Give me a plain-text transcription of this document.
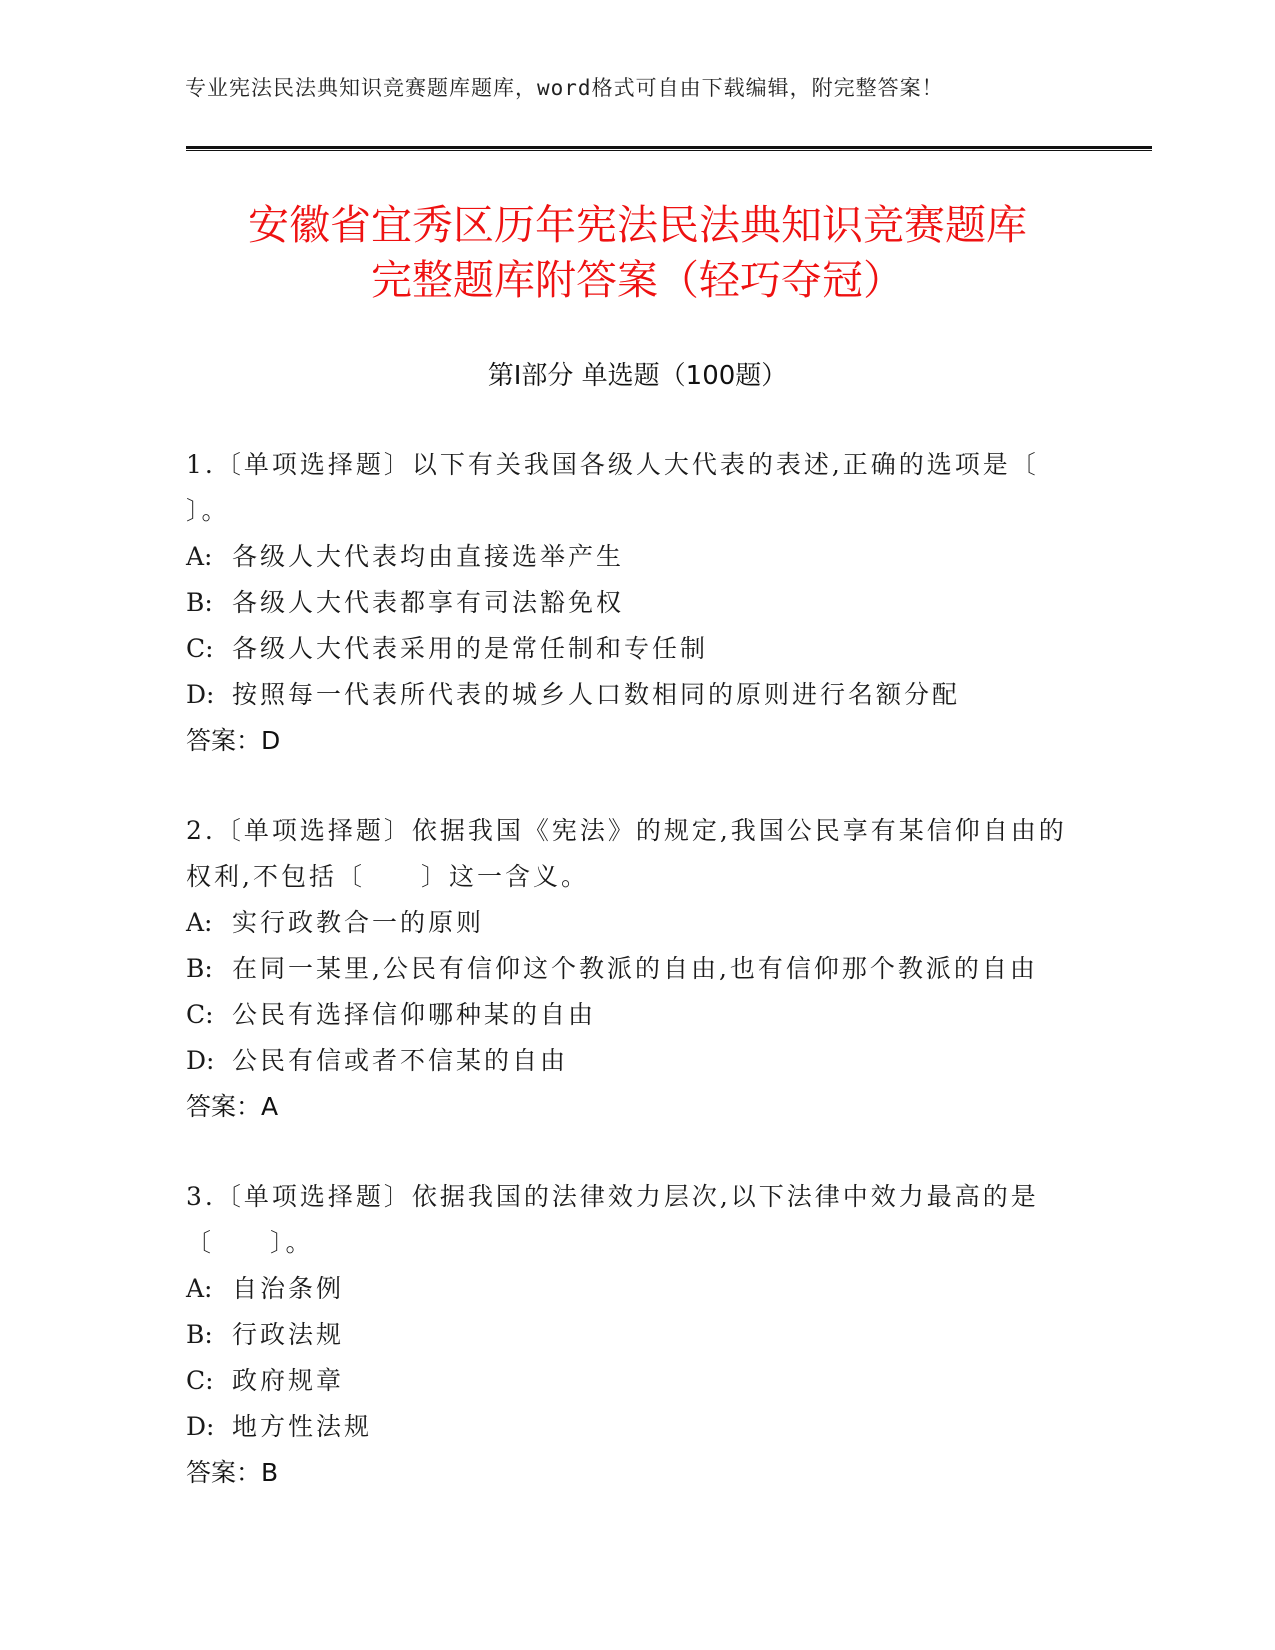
专业宪法民法典知识竞赛题库题库，word格式可自由下载编辑，附完整答案！
安徽省宜秀区历年宪法民法典知识竞赛题库
完整题库附答案（轻巧夺冠）
第Ⅰ部分 单选题（100题）
1.〔单项选择题〕以下有关我国各级人大代表的表述,正确的选项是〔 〕。
A: 各级人大代表均由直接选举产生
B: 各级人大代表都享有司法豁免权
C: 各级人大代表采用的是常任制和专任制
D: 按照每一代表所代表的城乡人口数相同的原则进行名额分配
答案：D
2.〔单项选择题〕依据我国《宪法》的规定,我国公民享有某信仰自由的权利,不包括〔　　〕这一含义。
A: 实行政教合一的原则
B: 在同一某里,公民有信仰这个教派的自由,也有信仰那个教派的自由
C: 公民有选择信仰哪种某的自由
D: 公民有信或者不信某的自由
答案：A
3.〔单项选择题〕依据我国的法律效力层次,以下法律中效力最高的是〔　　〕。
A: 自治条例
B: 行政法规
C: 政府规章
D: 地方性法规
答案：B
